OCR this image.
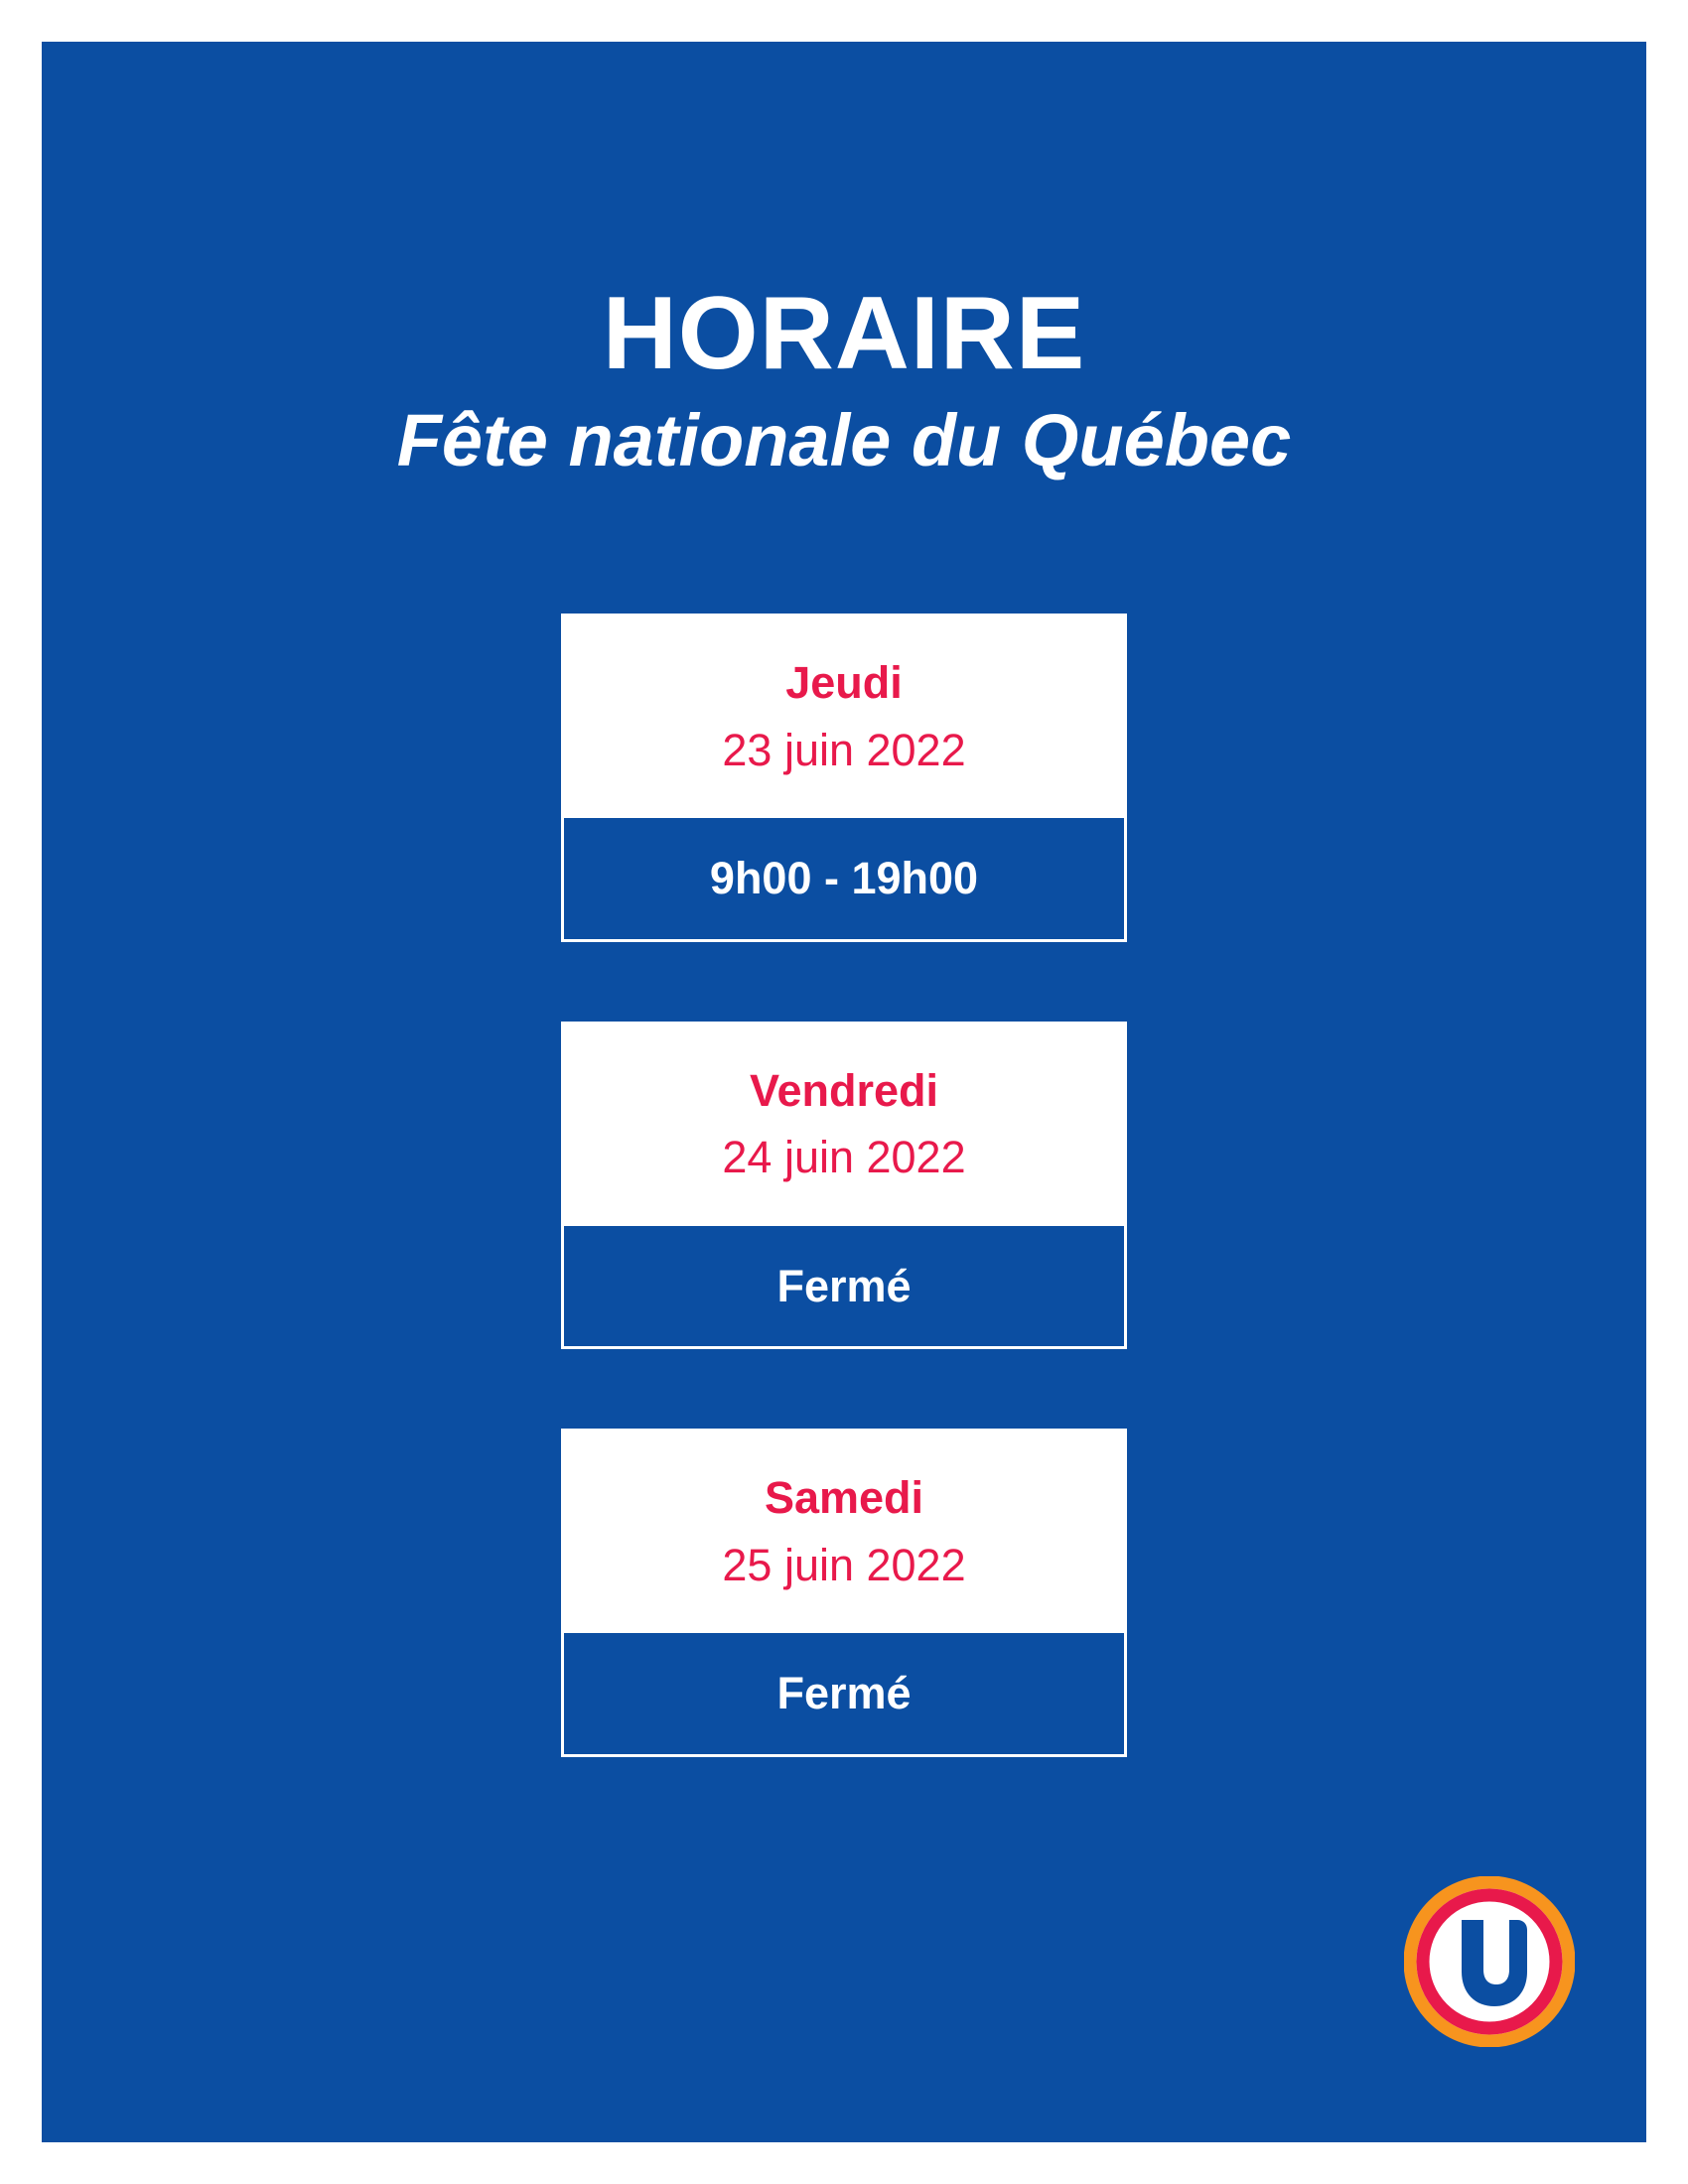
HORAIRE
Fête nationale du Québec
Jeudi
23 juin 2022
9h00 - 19h00
Vendredi
24 juin 2022
Fermé
Samedi
25 juin 2022
Fermé
